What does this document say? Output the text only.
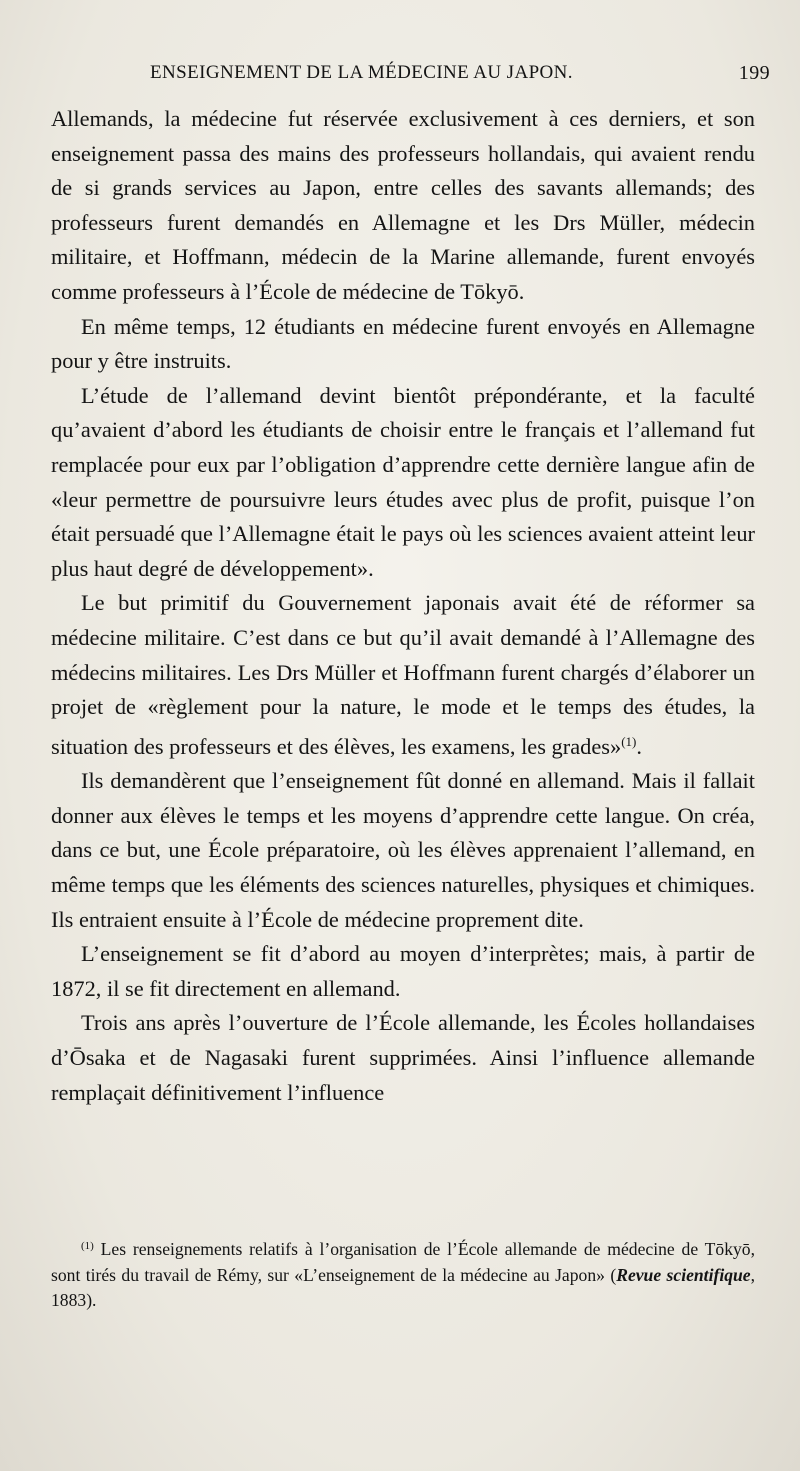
ENSEIGNEMENT DE LA MÉDECINE AU JAPON.	199

Allemands, la médecine fut réservée exclusivement à ces derniers, et son enseignement passa des mains des professeurs hollandais, qui avaient rendu de si grands services au Japon, entre celles des savants allemands; des professeurs furent demandés en Allemagne et les Drs Müller, médecin militaire, et Hoffmann, médecin de la Marine allemande, furent envoyés comme professeurs à l’École de médecine de Tōkyō.

En même temps, 12 étudiants en médecine furent envoyés en Allemagne pour y être instruits.

L’étude de l’allemand devint bientôt prépondérante, et la faculté qu’avaient d’abord les étudiants de choisir entre le français et l’allemand fut remplacée pour eux par l’obligation d’apprendre cette dernière langue afin de «leur permettre de poursuivre leurs études avec plus de profit, puisque l’on était persuadé que l’Allemagne était le pays où les sciences avaient atteint leur plus haut degré de développement».

Le but primitif du Gouvernement japonais avait été de réformer sa médecine militaire. C’est dans ce but qu’il avait demandé à l’Allemagne des médecins militaires. Les Drs Müller et Hoffmann furent chargés d’élaborer un projet de «règlement pour la nature, le mode et le temps des études, la situation des professeurs et des élèves, les examens, les grades»$^{(1)}$.

Ils demandèrent que l’enseignement fût donné en allemand. Mais il fallait donner aux élèves le temps et les moyens d’apprendre cette langue. On créa, dans ce but, une École préparatoire, où les élèves apprenaient l’allemand, en même temps que les éléments des sciences naturelles, physiques et chimiques. Ils entraient ensuite à l’École de médecine proprement dite.

L’enseignement se fit d’abord au moyen d’interprètes; mais, à partir de 1872, il se fit directement en allemand.

Trois ans après l’ouverture de l’École allemande, les Écoles hollandaises d’Ōsaka et de Nagasaki furent supprimées. Ainsi l’influence allemande remplaçait définitivement l’influence

$^{(1)}$ Les renseignements relatifs à l’organisation de l’École allemande de médecine de Tōkyō, sont tirés du travail de Rémy, sur «L’enseignement de la médecine au Japon» (Revue scientifique, 1883).
